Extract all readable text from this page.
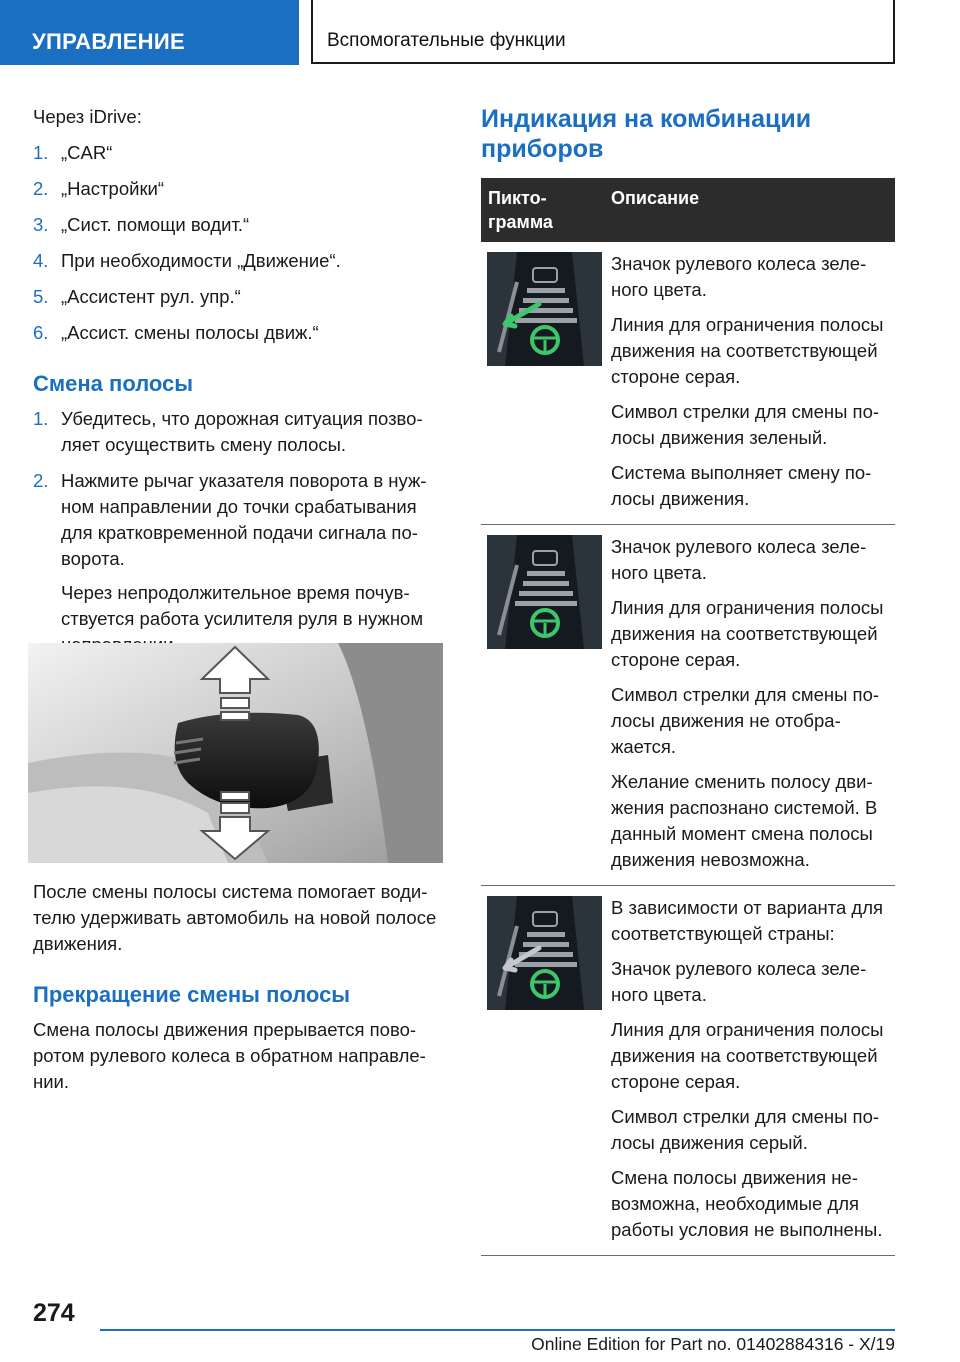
УПРАВЛЕНИЕ	Вспомогательные функции

Через iDrive:

1. „CAR“
2. „Настройки“
3. „Сист. помощи водит.“
4. При необходимости „Движение“.
5. „Ассистент рул. упр.“
6. „Ассист. смены полосы движ.“
Смена полосы
1. Убедитесь, что дорожная ситуация позволяет осуществить смену полосы.
2. Нажмите рычаг указателя поворота в нужном направлении до точки срабатывания для кратковременной подачи сигнала поворота.
Через непродолжительное время почувствуется работа усилителя руля в нужном

После смены полосы система помогает водителю удерживать автомобиль на новой полосе движения.

Прекращение смены полосы

Смена полосы движения прерывается поворотом рулевого колеса в обратном направлении.

Индикация на комбинации приборов
Пиктограмма
Описание

Значок рулевого колеса зеленого цвета.

Линия для ограничения полосы движения на соответствующей стороне серая.

Символ стрелки для смены полосы движения зеленый.

Система выполняет смену полосы движения.

Значок рулевого колеса зеленого цвета.

Линия для ограничения полосы движения на соответствующей стороне серая.

Символ стрелки для смены полосы движения не отображается.

Желание сменить полосу движения распознано системой. В данный момент смена полосы движения невозможна.

В зависимости от варианта для соответствующей страны:

Значок рулевого колеса зеленого цвета.

Линия для ограничения полосы движения на соответствующей стороне серая.

Символ стрелки для смены полосы движения серый.

Смена полосы движения невозможна, необходимые для работы условия не выполнены.

274
Online Edition for Part no. 01402884316 - X/19
